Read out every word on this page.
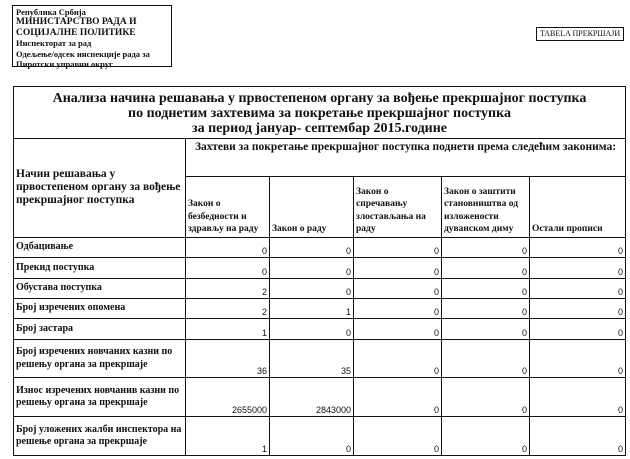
Република Србија
МИНИСТАРСТВО РАДА И
СОЦИЈАЛНЕ ПОЛИТИКЕ
Инспекторат за рад
Одељење/одсек инспекције рада за
Пиротски управни округ
TABELA ПРЕКРШАЈИ
Анализа начина решавања у првостепеном органу за вођење прекршајног поступка
по поднетим захтевима за покретање прекршајног поступка
за период јануар- септембар 2015.године					

Начин решавања у првостепеном органу за вођење прекршајног поступка	Захтеви за покретање прекршајног поступка поднети према следећим законима:				
	Закон о безбедности и здрављу на раду	Закон о раду	Закон о спречавању злостављања на раду	Закон о заштити становништва од изложености дуванском диму	Остали прописи
Одбацивање	0	0	0	0	0
Прекид поступка	0	0	0	0	0
Обустава поступка	2	0	0	0	0
Број изречених опомена	2	1	0	0	0
Број застара	1	0	0	0	0
Број изречених новчаних казни по решењу органа за прекршаје	36	35	0	0	0
Износ изречених новчанив казни по решењу органа за прекршаје	2655000	2843000	0	0	0
Број уложених жалби инспектора на решење органа за прекршаје	1	0	0	0	0
